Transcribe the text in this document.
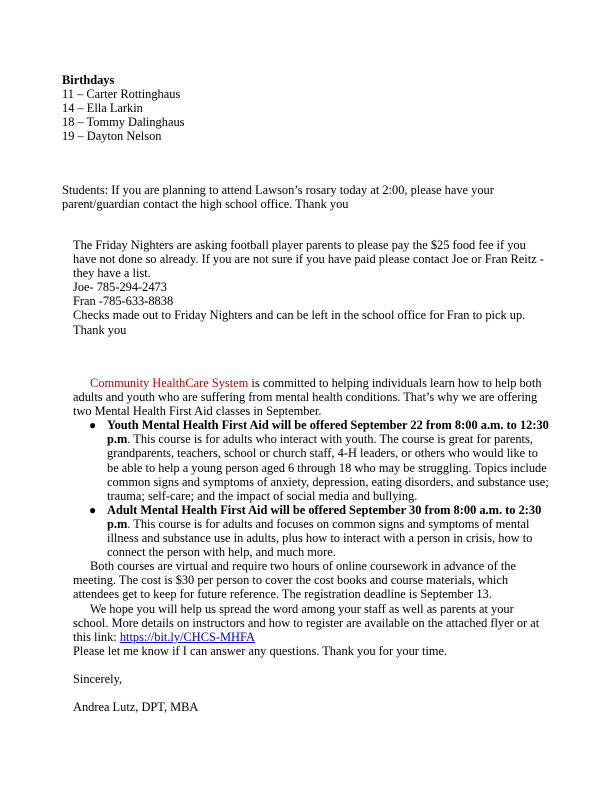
Birthdays
11 – Carter Rottinghaus
14 – Ella Larkin
18 – Tommy Dalinghaus
19 – Dayton Nelson
Students: If you are planning to attend Lawson’s rosary today at 2:00, please have your parent/guardian contact the high school office. Thank you
The Friday Nighters are asking football player parents to please pay the $25 food fee if you have not done so already. If you are not sure if you have paid please contact Joe or Fran Reitz - they have a list.
Joe- 785-294-2473
Fran -785-633-8838
Checks made out to Friday Nighters and can be left in the school office for Fran to pick up.
Thank you
Community HealthCare System is committed to helping individuals learn how to help both adults and youth who are suffering from mental health conditions. That’s why we are offering two Mental Health First Aid classes in September.
● Youth Mental Health First Aid will be offered September 22 from 8:00 a.m. to 12:30 p.m. This course is for adults who interact with youth. The course is great for parents, grandparents, teachers, school or church staff, 4-H leaders, or others who would like to be able to help a young person aged 6 through 18 who may be struggling. Topics include common signs and symptoms of anxiety, depression, eating disorders, and substance use; trauma; self-care; and the impact of social media and bullying.
● Adult Mental Health First Aid will be offered September 30 from 8:00 a.m. to 2:30 p.m. This course is for adults and focuses on common signs and symptoms of mental illness and substance use in adults, plus how to interact with a person in crisis, how to connect the person with help, and much more.
Both courses are virtual and require two hours of online coursework in advance of the meeting. The cost is $30 per person to cover the cost books and course materials, which attendees get to keep for future reference. The registration deadline is September 13.
We hope you will help us spread the word among your staff as well as parents at your school. More details on instructors and how to register are available on the attached flyer or at this link: https://bit.ly/CHCS-MHFA
Please let me know if I can answer any questions. Thank you for your time.
Sincerely,
Andrea Lutz, DPT, MBA
